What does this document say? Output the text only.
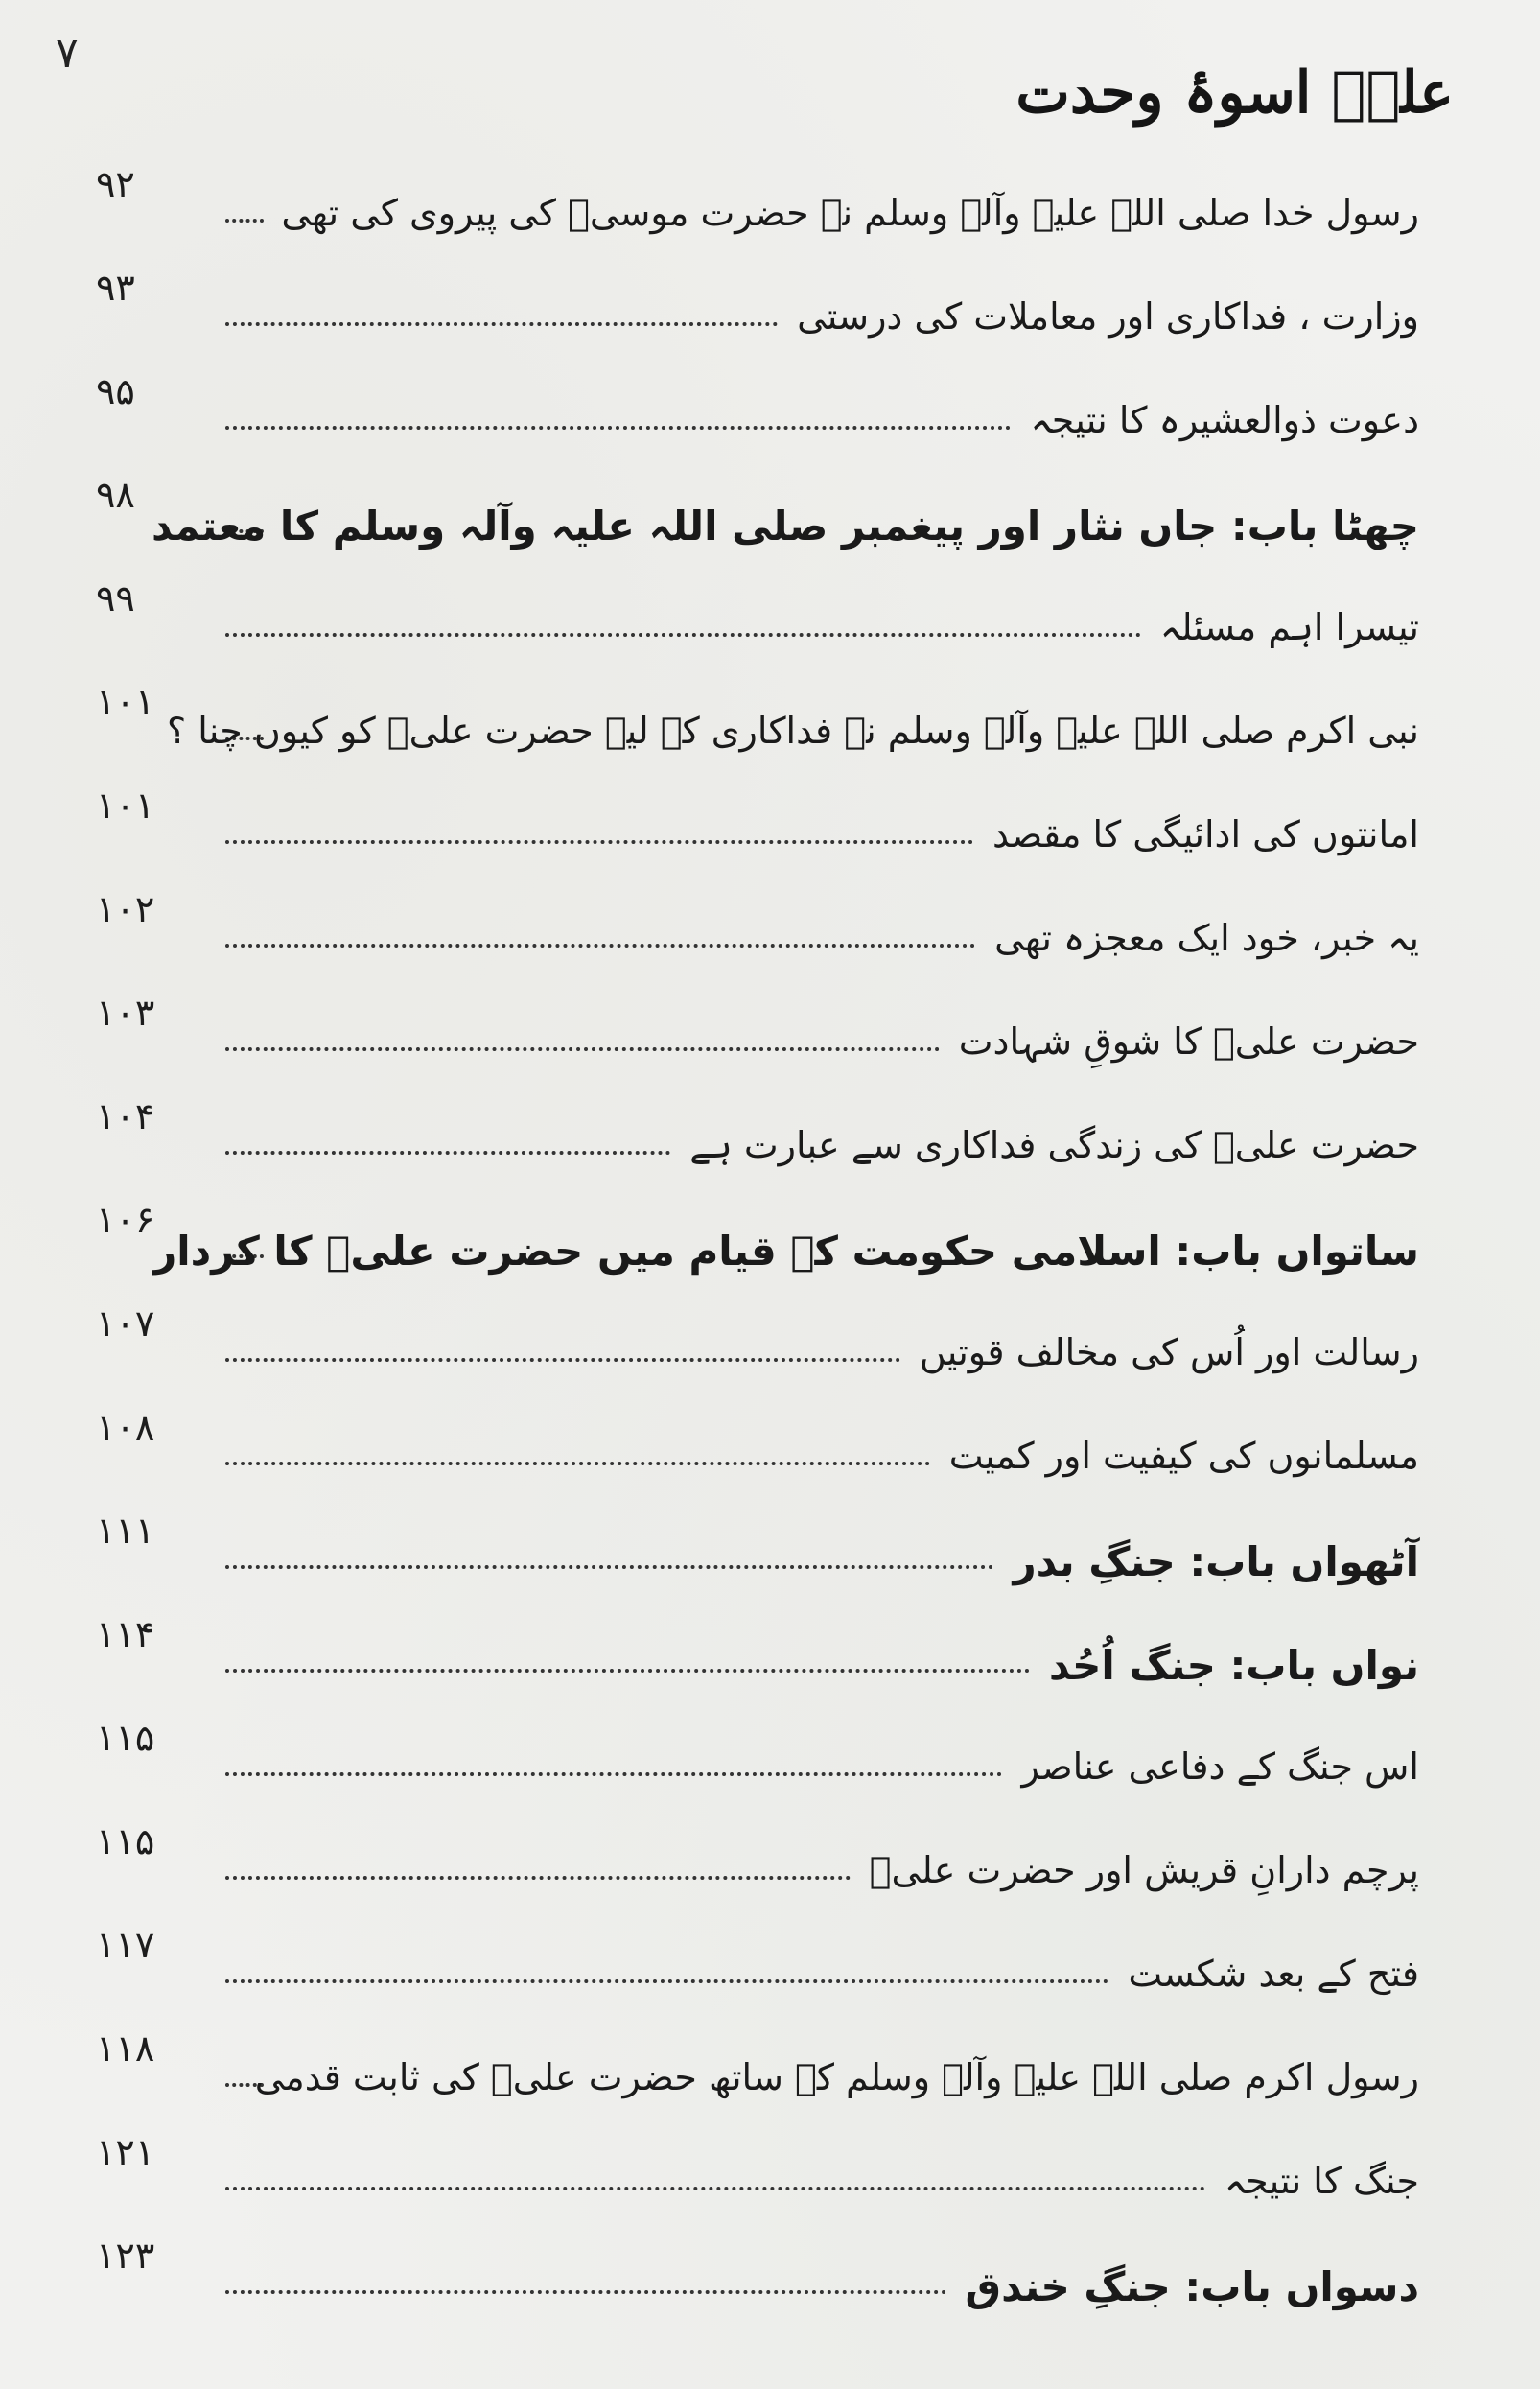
۷
علیؑ اسوۂ وحدت
۹۲
رسول خدا صلی اللہ علیہ وآلہ وسلم نے حضرت موسیؑ کی پیروی کی تھی
۹۳
وزارت ، فداکاری اور معاملات کی درستی
۹۵
دعوت ذوالعشیرہ کا نتیجہ
۹۸
چھٹا باب: جاں نثار اور پیغمبر صلی اللہ علیہ وآلہ وسلم کا معتمد
۹۹
تیسرا اہم مسئلہ
۱۰۱
نبی اکرم صلی اللہ علیہ وآلہ وسلم نے فداکاری کے لیے حضرت علیؑ کو کیوں چنا ؟
۱۰۱
امانتوں کی ادائیگی کا مقصد
۱۰۲
یہ خبر، خود ایک معجزہ تھی
۱۰۳
حضرت علیؑ کا شوقِ شہادت
۱۰۴
حضرت علیؑ کی زندگی فداکاری سے عبارت ہے
۱۰۶
ساتواں باب: اسلامی حکومت کے قیام میں حضرت علیؑ کا کردار
۱۰۷
رسالت اور اُس کی مخالف قوتیں
۱۰۸
مسلمانوں کی کیفیت اور کمیت
۱۱۱
آٹھواں باب: جنگِ بدر
۱۱۴
نواں باب: جنگ اُحُد
۱۱۵
اس جنگ کے دفاعی عناصر
۱۱۵
پرچم دارانِ قریش اور حضرت علیؑ
۱۱۷
فتح کے بعد شکست
۱۱۸
رسول اکرم صلی اللہ علیہ وآلہ وسلم کے ساتھ حضرت علیؑ کی ثابت قدمی
۱۲۱
جنگ کا نتیجہ
۱۲۳
دسواں باب: جنگِ خندق
